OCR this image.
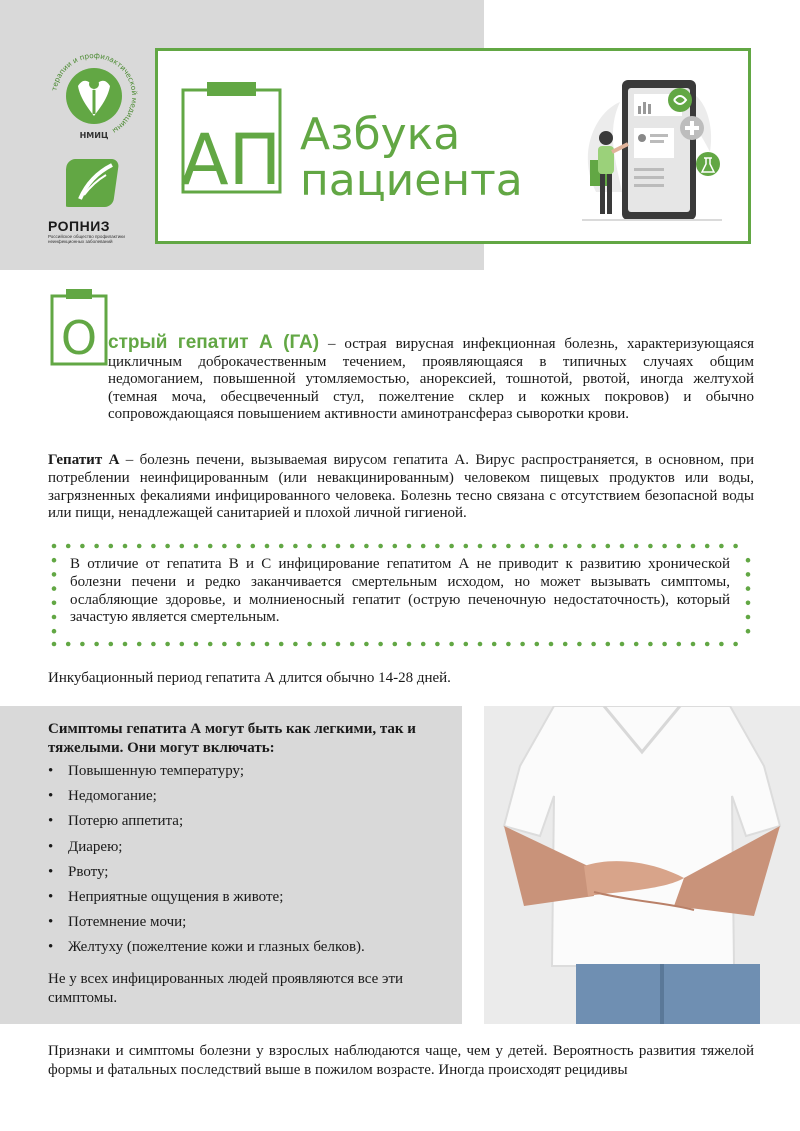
терапии и профилактической медицины
НМИЦ
РОПНИЗ
Российское общество профилактики неинфекционных заболеваний
АП Азбука
пациента
О стрый гепатит А (ГА) – острая вирусная инфекционная болезнь, характеризующаяся цикличным доброкачественным течением, проявляющаяся в типичных случаях общим недомоганием, повышенной утомляемостью, анорексией, тошнотой, рвотой, иногда желтухой (темная моча, обесцвеченный стул, пожелтение склер и кожных покровов) и обычно сопровождающаяся повышением активности аминотрансфераз сыворотки крови.
Гепатит А – болезнь печени, вызываемая вирусом гепатита А. Вирус распространяется, в основном, при потреблении неинфицированным (или невакцинированным) человеком пищевых продуктов или воды, загрязненных фекалиями инфицированного человека. Болезнь тесно связана с отсутствием безопасной воды или пищи, ненадлежащей санитарией и плохой личной гигиеной.
В отличие от гепатита В и С инфицирование гепатитом А не приводит к развитию хронической болезни печени и редко заканчивается смертельным исходом, но может вызывать симптомы, ослабляющие здоровье, и молниеносный гепатит (острую печеночную недостаточность), который зачастую является смертельным.
Инкубационный период гепатита А длится обычно 14-28 дней.
Симптомы гепатита А могут быть как легкими, так и тяжелыми. Они могут включать:
• Повышенную температуру;
• Недомогание;
• Потерю аппетита;
• Диарею;
• Рвоту;
• Неприятные ощущения в животе;
• Потемнение мочи;
• Желтуху (пожелтение кожи и глазных белков).
Не у всех инфицированных людей проявляются все эти симптомы.
Признаки и симптомы болезни у взрослых наблюдаются чаще, чем у детей. Вероятность развития тяжелой формы и фатальных последствий выше в пожилом возрасте. Иногда происходят рецидивы
